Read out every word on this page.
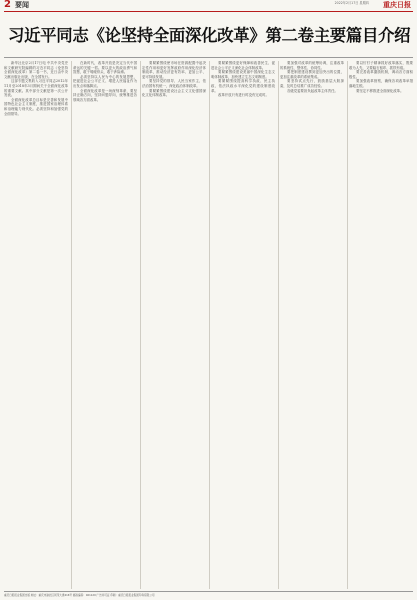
2 要闻	2022年2月17日 星期四 重庆日报
习近平同志《论坚持全面深化改革》第二卷主要篇目介绍

新华社北京2月17日电 中共中央党史和文献研究院编辑的习近平同志《论坚持全面深化改革》第二卷一书，近日由中央文献出版社出版，在全国发行。

这部专题文集收入习近平同志2012年11月至2018年3月期间关于全面深化改革的重要文献。其中部分文献是第一次公开发表。

全面深化改革总目标是完善和发展中国特色社会主义制度，推进国家治理体系和治理能力现代化。必须坚持和加强党的全面领导。

在新时代，改革开放是决定当代中国命运的关键一招。要以更大的政治勇气和智慧，敢于啃硬骨头，敢于涉险滩。

必须坚持以人民为中心的发展思想，把促进社会公平正义、增进人民福祉作为出发点和落脚点。

全面深化改革是一场深刻革命，要坚持正确方向，坚持问题导向，统筹推进各领域各方面改革。

要紧紧围绕使市场在资源配置中起决定性作用和更好发挥政府作用深化经济体制改革，推动经济更有效率、更加公平、更可持续发展。

要坚持党的领导、人民当家作主、依法治国有机统一，深化政治体制改革。

要紧紧围绕建设社会主义文化强国深化文化体制改革。

要紧紧围绕更好保障和改善民生、促进社会公平正义深化社会体制改革。

要紧紧围绕建设美丽中国深化生态文明体制改革，加快建立生态文明制度。

要紧紧围绕提高科学执政、民主执政、依法执政水平深化党的建设制度改革。

改革开放只有进行时没有完成时。

要加强对改革的统筹协调，注重改革的系统性、整体性、协同性。

要把制度建设摆到更加突出的位置，更加注重改革的系统集成。

要坚持试点先行，鼓励基层大胆探索，及时总结推广成功经验。

各级党委要担负起改革主体责任。

要以钉钉子精神抓好改革落实，既要敢为人先，又要踏石留印、抓铁有痕。

要完善改革激励机制，调动各方面积极性。

要加强改革督察，确保各项改革举措落地生根。

要坚定不移推进全面深化改革。

重庆日报报业集团出版 地址：重庆市渝北区同茂大道416号 邮政编码：401120 广告许可证 印刷：重庆日报报业集团印务有限公司
